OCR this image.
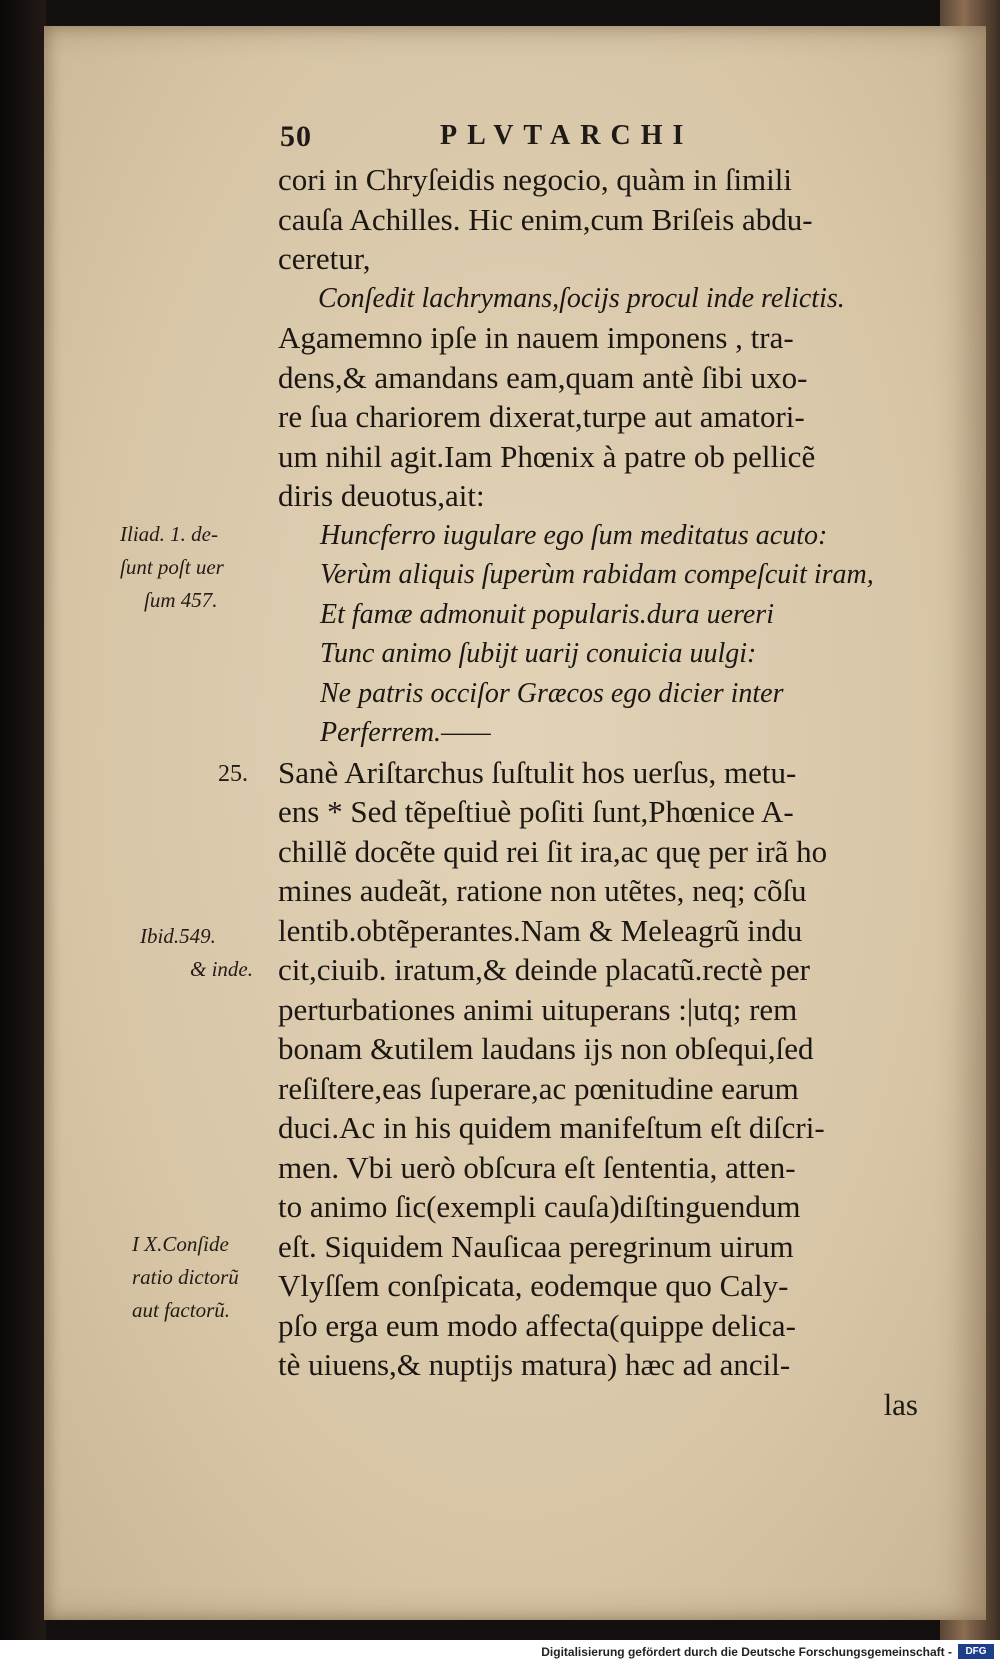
50	PLVTARCHI
cori in Chryſeidis negocio, quàm in ſimili
cauſa Achilles. Hic enim,cum Briſeis abdu-
ceretur,
Conſedit lachrymans,ſocijs procul inde relictis.
Agamemno ipſe in nauem imponens , tra-
dens,& amandans eam,quam antè ſibi uxo-
re ſua chariorem dixerat,turpe aut amatori-
um nihil agit.Iam Phœnix à patre ob pellicẽ
diris deuotus,ait:
Huncferro iugulare ego ſum meditatus acuto:
Verùm aliquis ſuperùm rabidam compeſcuit iram,
Et famæ admonuit popularis.dura uereri
Tunc animo ſubijt uarij conuicia uulgi:
Ne patris occiſor Græcos ego dicier inter
Perferrem.——
Sanè Ariſtarchus ſuſtulit hos uerſus, metu-
ens * Sed tẽpeſtiuè poſiti ſunt,Phœnice A-
chillẽ docẽte quid rei ſit ira,ac quę per irã ho
mines audeãt, ratione non utẽtes, neq; cõſu
lentib.obtẽperantes.Nam & Meleagrũ indu
cit,ciuib. iratum,& deinde placatũ.rectè per
perturbationes animi uituperans :|utq; rem
bonam &utilem laudans ijs non obſequi,ſed
reſiſtere,eas ſuperare,ac pœnitudine earum
duci.Ac in his quidem manifeſtum eſt diſcri-
men. Vbi uerò obſcura eſt ſententia, atten-
to animo ſic(exempli cauſa)diſtinguendum
eſt. Siquidem Nauſicaa peregrinum uirum
Vlyſſem conſpicata, eodemque quo Caly-
pſo erga eum modo affecta(quippe delica-
tè uiuens,& nuptijs matura) hæc ad ancil-
las
Iliad. 1. de-
ſunt poſt uer
ſum 457.
25.
Ibid.549.
& inde.
I X.Conſide
ratio dictorũ
aut factorũ.
Digitalisierung gefördert durch die Deutsche Forschungsgemeinschaft -	DFG
